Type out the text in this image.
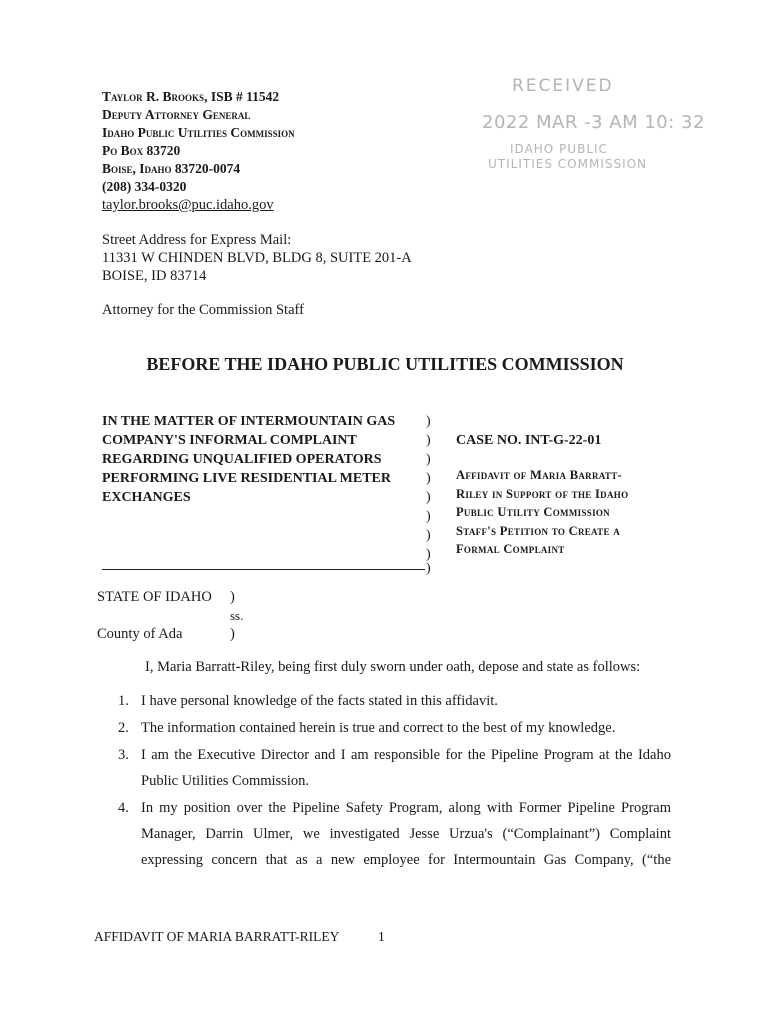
Taylor R. Brooks, ISB # 11542
Deputy Attorney General
Idaho Public Utilities Commission
Po Box 83720
Boise, Idaho 83720-0074
(208) 334-0320
taylor.brooks@puc.idaho.gov
RECEIVED
2022 MAR -3 AM 10: 32
IDAHO PUBLIC
UTILITIES COMMISSION
Street Address for Express Mail:
11331 W CHINDEN BLVD, BLDG 8, SUITE 201-A
BOISE, ID 83714
Attorney for the Commission Staff
BEFORE THE IDAHO PUBLIC UTILITIES COMMISSION
IN THE MATTER OF INTERMOUNTAIN GAS
COMPANY'S INFORMAL COMPLAINT
REGARDING UNQUALIFIED OPERATORS
PERFORMING LIVE RESIDENTIAL METER
EXCHANGES
)
)
)
)
)
)
)
)
)
CASE NO. INT-G-22-01
Affidavit of Maria Barratt-
Riley in Support of the Idaho
Public Utility Commission
Staff's Petition to Create a
Formal Complaint
STATE OF IDAHO )
ss.
County of Ada	)
I, Maria Barratt-Riley, being first duly sworn under oath, depose and state as follows:
1. I have personal knowledge of the facts stated in this affidavit.
2. The information contained herein is true and correct to the best of my knowledge.
3. I am the Executive Director and I am responsible for the Pipeline Program at the Idaho
Public Utilities Commission.
4. In my position over the Pipeline Safety Program, along with Former Pipeline Program
Manager, Darrin Ulmer, we investigated Jesse Urzua's (“Complainant”) Complaint
expressing concern that as a new employee for Intermountain Gas Company, (“the
AFFIDAVIT OF MARIA BARRATT-RILEY	1
